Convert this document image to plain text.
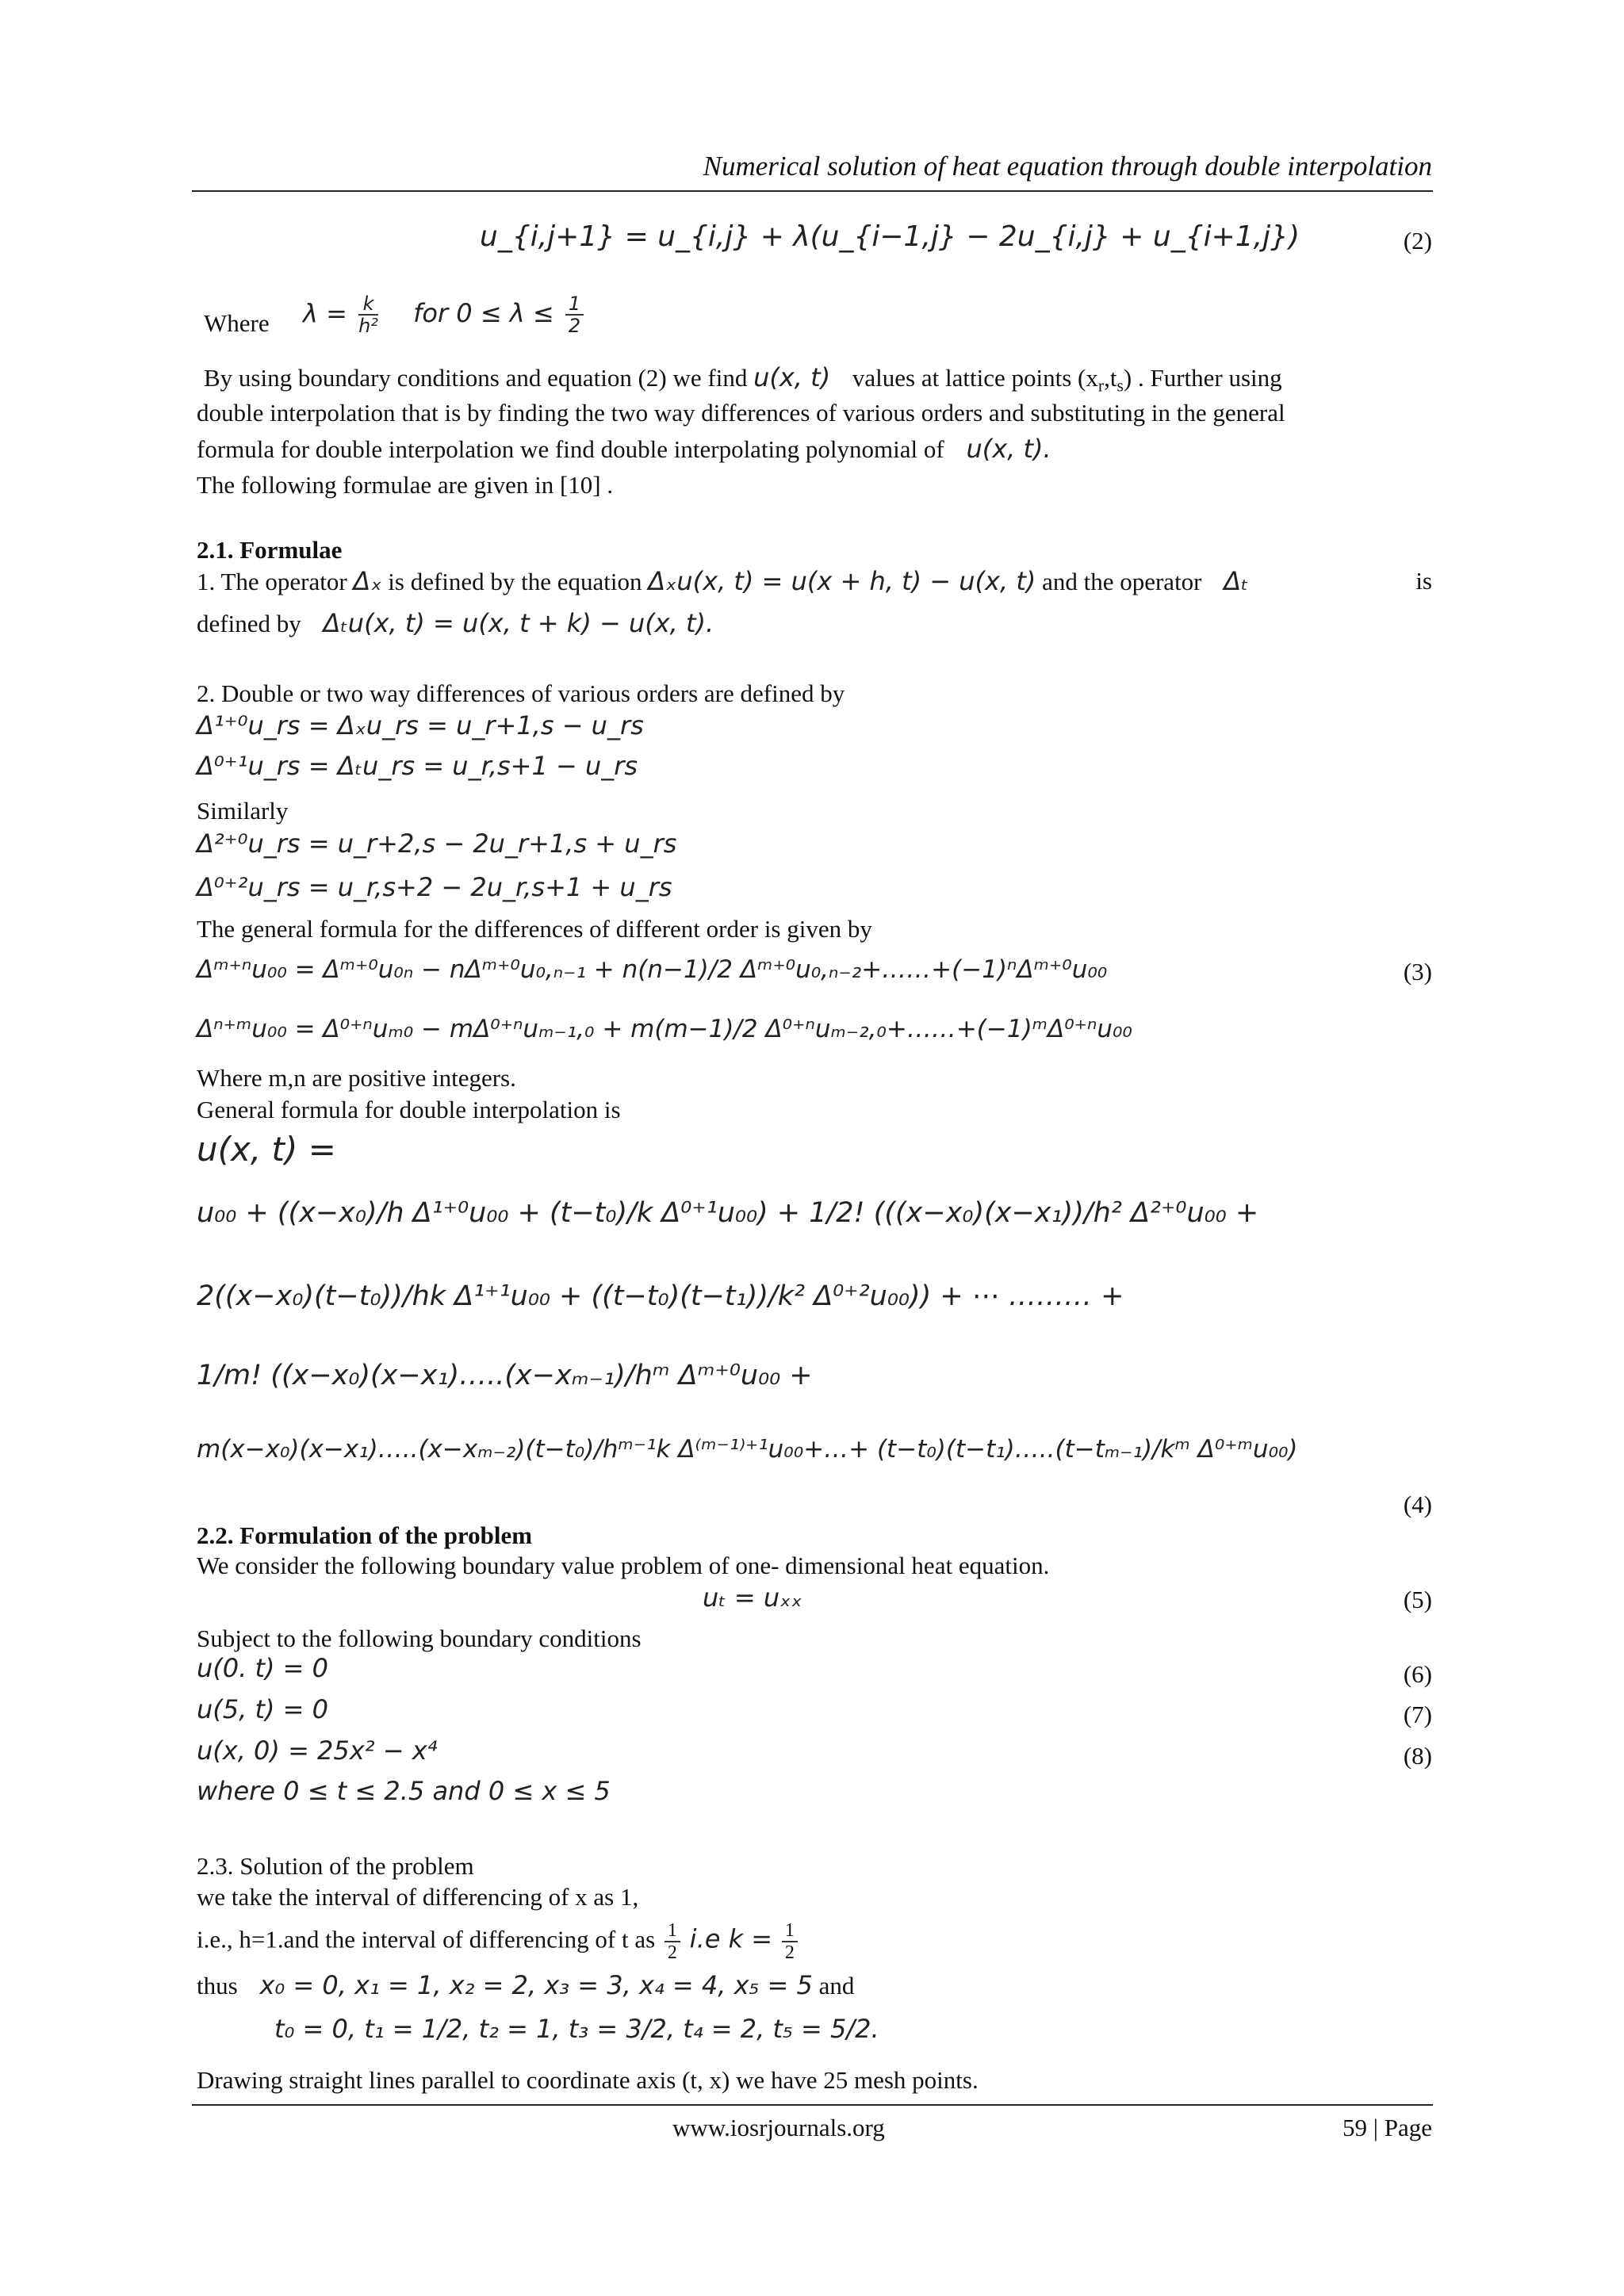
Numerical solution of heat equation through double interpolation
u_{i,j+1} = u_{i,j} + λ(u_{i−1,j} − 2u_{i,j} + u_{i+1,j})	(2)
Where $\lambda = \frac{k}{\text{h²}}$ for $0 \le \lambda \le \frac{1}{2}$
By using boundary conditions and equation (2) we find u(x, t) values at lattice points $(x_r,t_s)$ . Further using
double interpolation that is by finding the two way differences of various orders and substituting in the general
formula for double interpolation we find double interpolating polynomial of u(x, t).
The following formulae are given in [10] .
2.1. Formulae
1. The operator Δₓ is defined by the equation Δₓu(x, t) = u(x + h, t) − u(x, t) and the operator Δₜ	is
defined by Δₜu(x, t) = u(x, t + k) − u(x, t).
2. Double or two way differences of various orders are defined by
Δ¹⁺⁰u_rs = Δₓu_rs = u_r+1,s − u_rs
Δ⁰⁺¹u_rs = Δₜu_rs = u_r,s+1 − u_rs
Similarly
Δ²⁺⁰u_rs = u_r+2,s − 2u_r+1,s + u_rs
Δ⁰⁺²u_rs = u_r,s+2 − 2u_r,s+1 + u_rs
The general formula for the differences of different order is given by
Δᵐ⁺ⁿu₀₀ = Δᵐ⁺⁰u₀ₙ − nΔᵐ⁺⁰u₀,ₙ₋₁ + n(n−1)/2 Δᵐ⁺⁰u₀,ₙ₋₂+……+(−1)ⁿΔᵐ⁺⁰u₀₀	(3)
Δⁿ⁺ᵐu₀₀ = Δ⁰⁺ⁿuₘ₀ − mΔ⁰⁺ⁿuₘ₋₁,₀ + m(m−1)/2 Δ⁰⁺ⁿuₘ₋₂,₀+……+(−1)ᵐΔ⁰⁺ⁿu₀₀
Where m,n are positive integers.
General formula for double interpolation is
u(x, t) =
u₀₀ + ((x−x₀)/h Δ¹⁺⁰u₀₀ + (t−t₀)/k Δ⁰⁺¹u₀₀) + 1/2! (((x−x₀)(x−x₁))/h² Δ²⁺⁰u₀₀ +
2((x−x₀)(t−t₀))/hk Δ¹⁺¹u₀₀ + ((t−t₀)(t−t₁))/k² Δ⁰⁺²u₀₀)) + ⋯ ……… +
1/m! ((x−x₀)(x−x₁)…..(x−xₘ₋₁)/hᵐ Δᵐ⁺⁰u₀₀ +
m(x−x₀)(x−x₁)…..(x−xₘ₋₂)(t−t₀)/hᵐ⁻¹k Δ⁽ᵐ⁻¹⁾⁺¹u₀₀+…+ (t−t₀)(t−t₁)…..(t−tₘ₋₁)/kᵐ Δ⁰⁺ᵐu₀₀)
(4)
2.2. Formulation of the problem
We consider the following boundary value problem of one- dimensional heat equation.
uₜ = uₓₓ	(5)
Subject to the following boundary conditions
u(0. t) = 0	(6)
u(5, t) = 0	(7)
u(x, 0) = 25x² − x⁴	(8)
where 0 ≤ t ≤ 2.5 and 0 ≤ x ≤ 5
2.3. Solution of the problem
we take the interval of differencing of x as 1,
i.e., h=1.and the interval of differencing of t as $\frac{1}{2} i.e$ $k = \frac{1}{2}$
thus x₀ = 0, x₁ = 1, x₂ = 2, x₃ = 3, x₄ = 4, x₅ = 5 and
t₀ = 0, t₁ = 1/2, t₂ = 1, t₃ = 3/2, t₄ = 2, t₅ = 5/2.
Drawing straight lines parallel to coordinate axis (t, x) we have 25 mesh points.
www.iosrjournals.org	59 | Page
